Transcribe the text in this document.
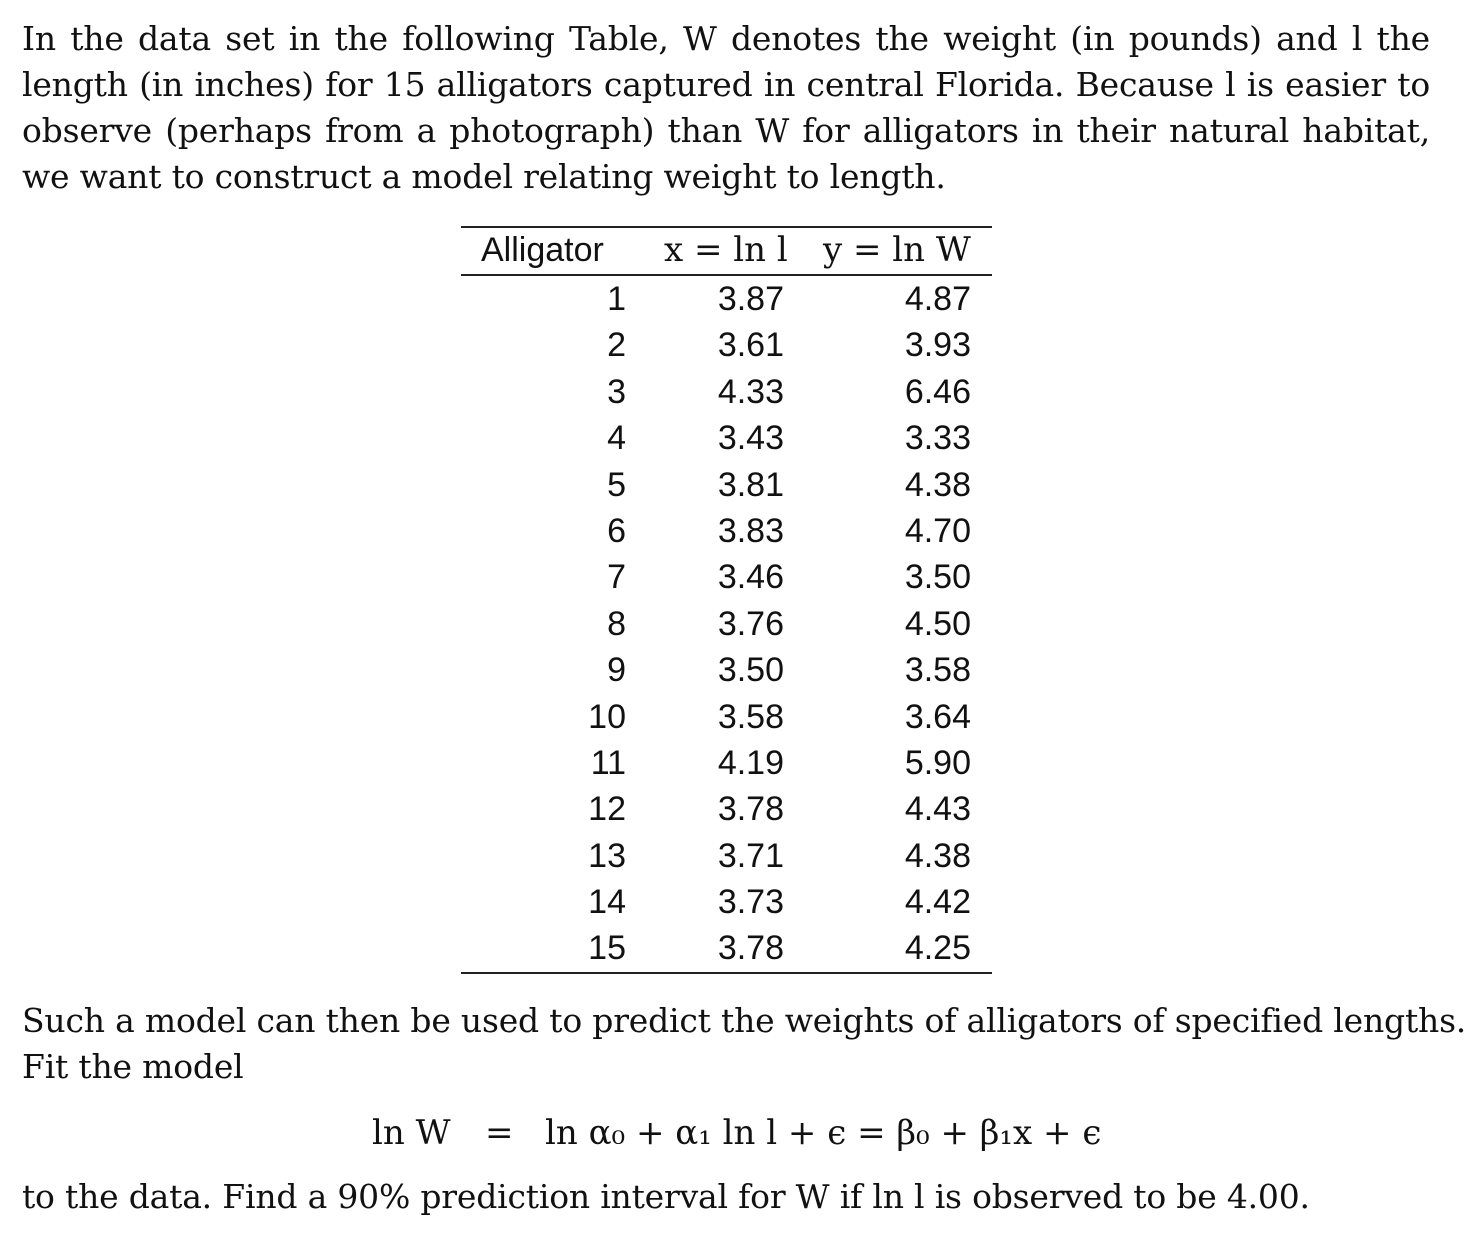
In the data set in the following Table, W denotes the weight (in pounds) and l the
length (in inches) for 15 alligators captured in central Florida. Because l is easier to
observe (perhaps from a photograph) than W for alligators in their natural habitat,
we want to construct a model relating weight to length.
Alligator x = ln l y = ln W
1	3.87	4.87
2	3.61	3.93
3	4.33	6.46
4	3.43	3.33
5	3.81	4.38
6	3.83	4.70
7	3.46	3.50
8	3.76	4.50
9	3.50	3.58
10	3.58	3.64
11	4.19	5.90
12	3.78	4.43
13	3.71	4.38
14	3.73	4.42
15	3.78	4.25
Such a model can then be used to predict the weights of alligators of specified lengths.
Fit the model
ln W = ln α₀ + α₁ ln l + ϵ = β₀ + β₁x + ϵ
to the data. Find a 90% prediction interval for W if ln l is observed to be 4.00.
